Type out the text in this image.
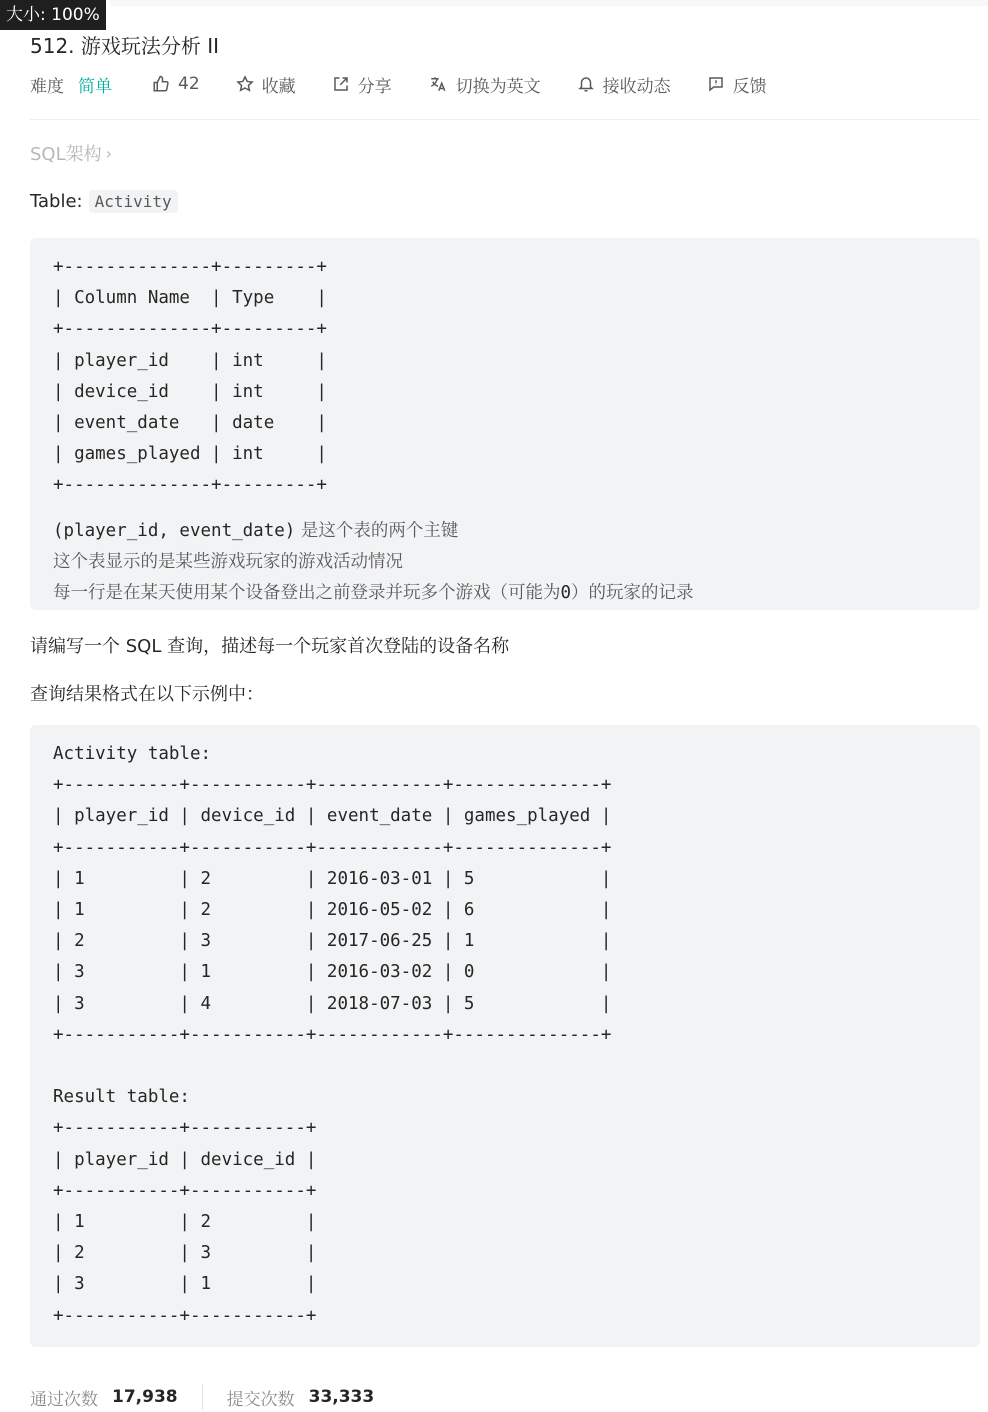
大小: 100%
512. 游戏玩法分析 II
难度 简单	42	收藏	分享	切换为英文	接收动态	反馈
SQL架构 ›
Table: Activity
+--------------+---------+
| Column Name  | Type    |
+--------------+---------+
| player_id    | int     |
| device_id    | int     |
| event_date   | date    |
| games_played | int     |
+--------------+---------+
(player_id, event_date) 是这个表的两个主键
这个表显示的是某些游戏玩家的游戏活动情况
每一行是在某天使用某个设备登出之前登录并玩多个游戏（可能为0）的玩家的记录
请编写一个 SQL 查询，描述每一个玩家首次登陆的设备名称
查询结果格式在以下示例中：
Activity table:
+-----------+-----------+------------+--------------+
| player_id | device_id | event_date | games_played |
+-----------+-----------+------------+--------------+
| 1         | 2         | 2016-03-01 | 5            |
| 1         | 2         | 2016-05-02 | 6            |
| 2         | 3         | 2017-06-25 | 1            |
| 3         | 1         | 2016-03-02 | 0            |
| 3         | 4         | 2018-07-03 | 5            |
+-----------+-----------+------------+--------------+

Result table:
+-----------+-----------+
| player_id | device_id |
+-----------+-----------+
| 1         | 2         |
| 2         | 3         |
| 3         | 1         |
+-----------+-----------+
通过次数 17,938	提交次数 33,333
